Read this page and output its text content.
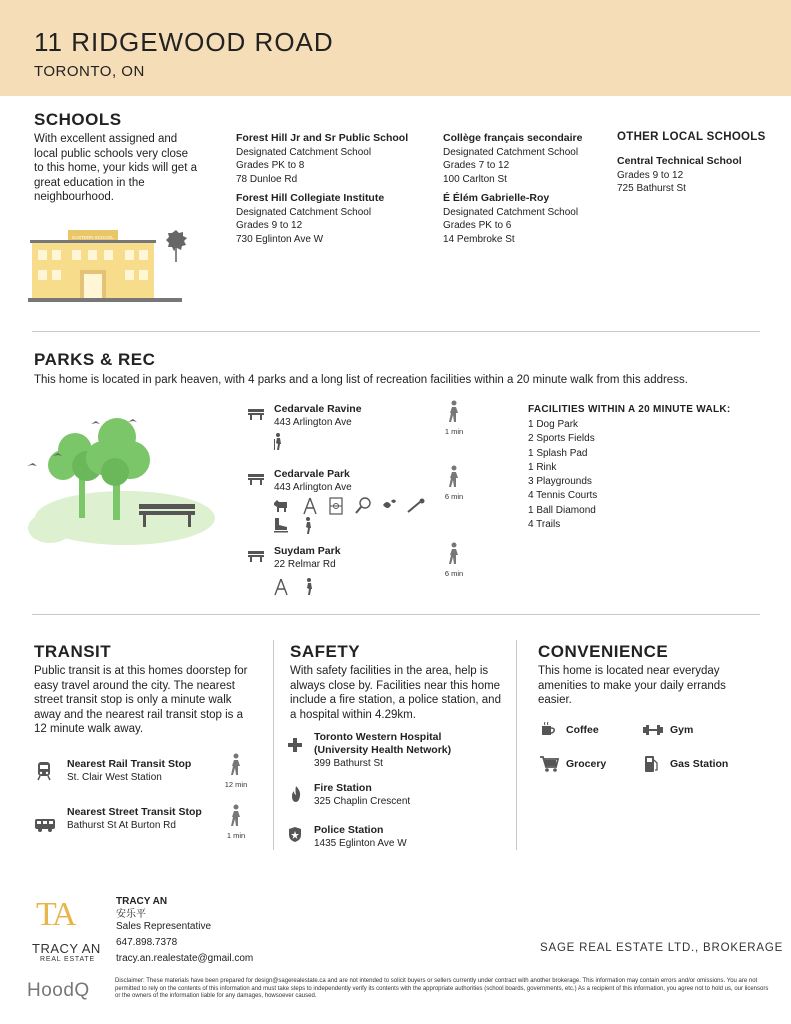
11 RIDGEWOOD ROAD
TORONTO, ON
SCHOOLS
With excellent assigned and local public schools very close to this home, your kids will get a great education in the neighbourhood.
EASTERN SCHOOL
Forest Hill Jr and Sr Public School
Designated Catchment School
Grades PK to 8
78 Dunloe Rd
Forest Hill Collegiate Institute
Designated Catchment School
Grades 9 to 12
730 Eglinton Ave W
Collège français secondaire
Designated Catchment School
Grades 7 to 12
100 Carlton St
É Élém Gabrielle-Roy
Designated Catchment School
Grades PK to 6
14 Pembroke St
OTHER LOCAL SCHOOLS
Central Technical School
Grades 9 to 12
725 Bathurst St
PARKS & REC
This home is located in park heaven, with 4 parks and a long list of recreation facilities within a 20 minute walk from this address.
Cedarvale Ravine
443 Arlington Ave
1 min
Cedarvale Park
443 Arlington Ave
6 min
Suydam Park
22 Relmar Rd
6 min
FACILITIES WITHIN A 20 MINUTE WALK:
1 Dog Park
2 Sports Fields
1 Splash Pad
1 Rink
3 Playgrounds
4 Tennis Courts
1 Ball Diamond
4 Trails
TRANSIT
Public transit is at this homes doorstep for easy travel around the city. The nearest street transit stop is only a minute walk away and the nearest rail transit stop is a 12 minute walk away.
Nearest Rail Transit Stop
St. Clair West Station
12 min
Nearest Street Transit Stop
Bathurst St At Burton Rd
1 min
SAFETY
With safety facilities in the area, help is always close by. Facilities near this home include a fire station, a police station, and a hospital within 4.29km.
Toronto Western Hospital (University Health Network)
399 Bathurst St
Fire Station
325 Chaplin Crescent
Police Station
1435 Eglinton Ave W
CONVENIENCE
This home is located near everyday amenities to make your daily errands easier.
Coffee	Gym
Grocery	Gas Station
TA
TRACY AN
REAL ESTATE
TRACY AN
安乐平
Sales Representative
647.898.7378
tracy.an.realestate@gmail.com
SAGE REAL ESTATE LTD., BROKERAGE
HoodQ	Disclaimer: These materials have been prepared for design@sagerealestate.ca and are not intended to solicit buyers or sellers currently under contract with another brokerage. This information may contain errors and/or omissions. You are not permitted to rely on the contents of this information and must take steps to independently verify its contents with the appropriate authorities (school boards, governments, etc.) As a recipient of this information, you agree not to hold us, our licensors or the owners of the information liable for any damages, howsoever caused.
